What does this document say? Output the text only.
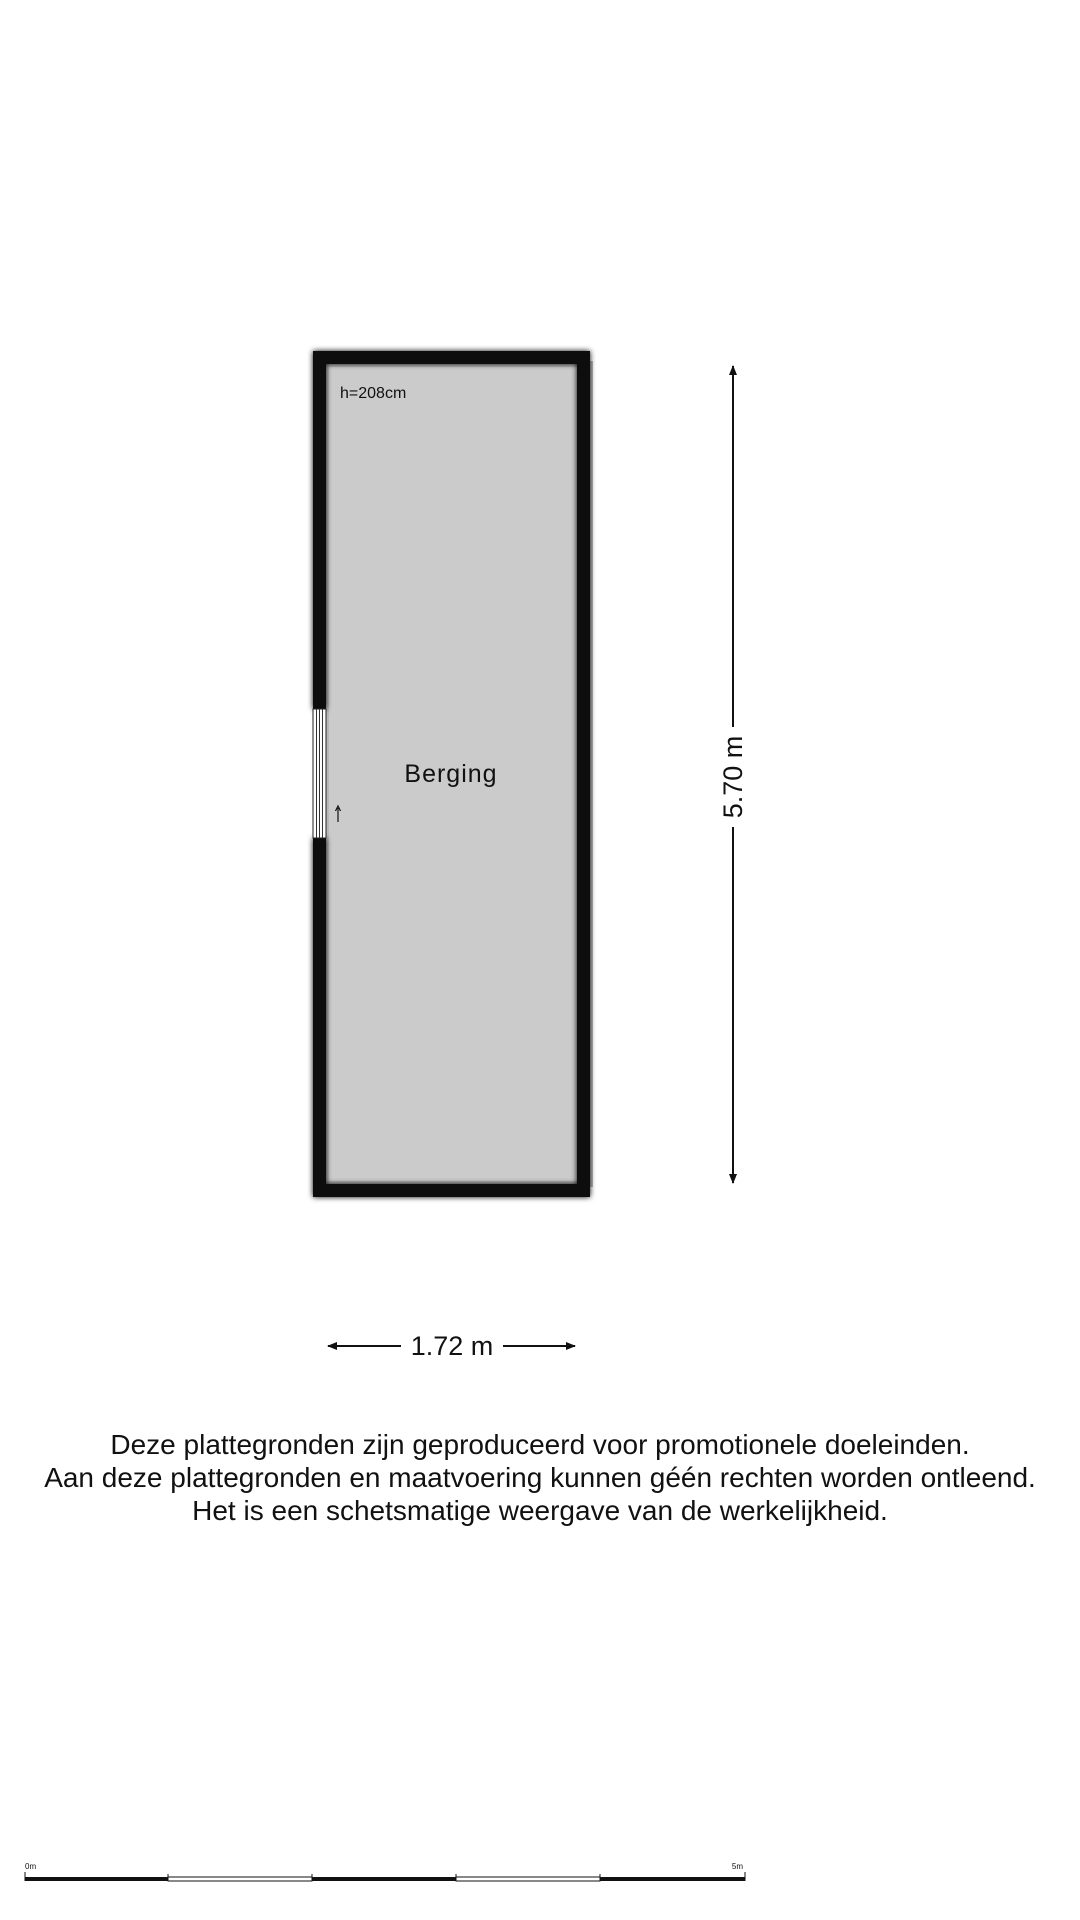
h=208cm
Berging	5.70 m
1.72 m
0m	5m
Deze plattegronden zijn geproduceerd voor promotionele doeleinden.
Aan deze plattegronden en maatvoering kunnen géén rechten worden ontleend.
Het is een schetsmatige weergave van de werkelijkheid.
